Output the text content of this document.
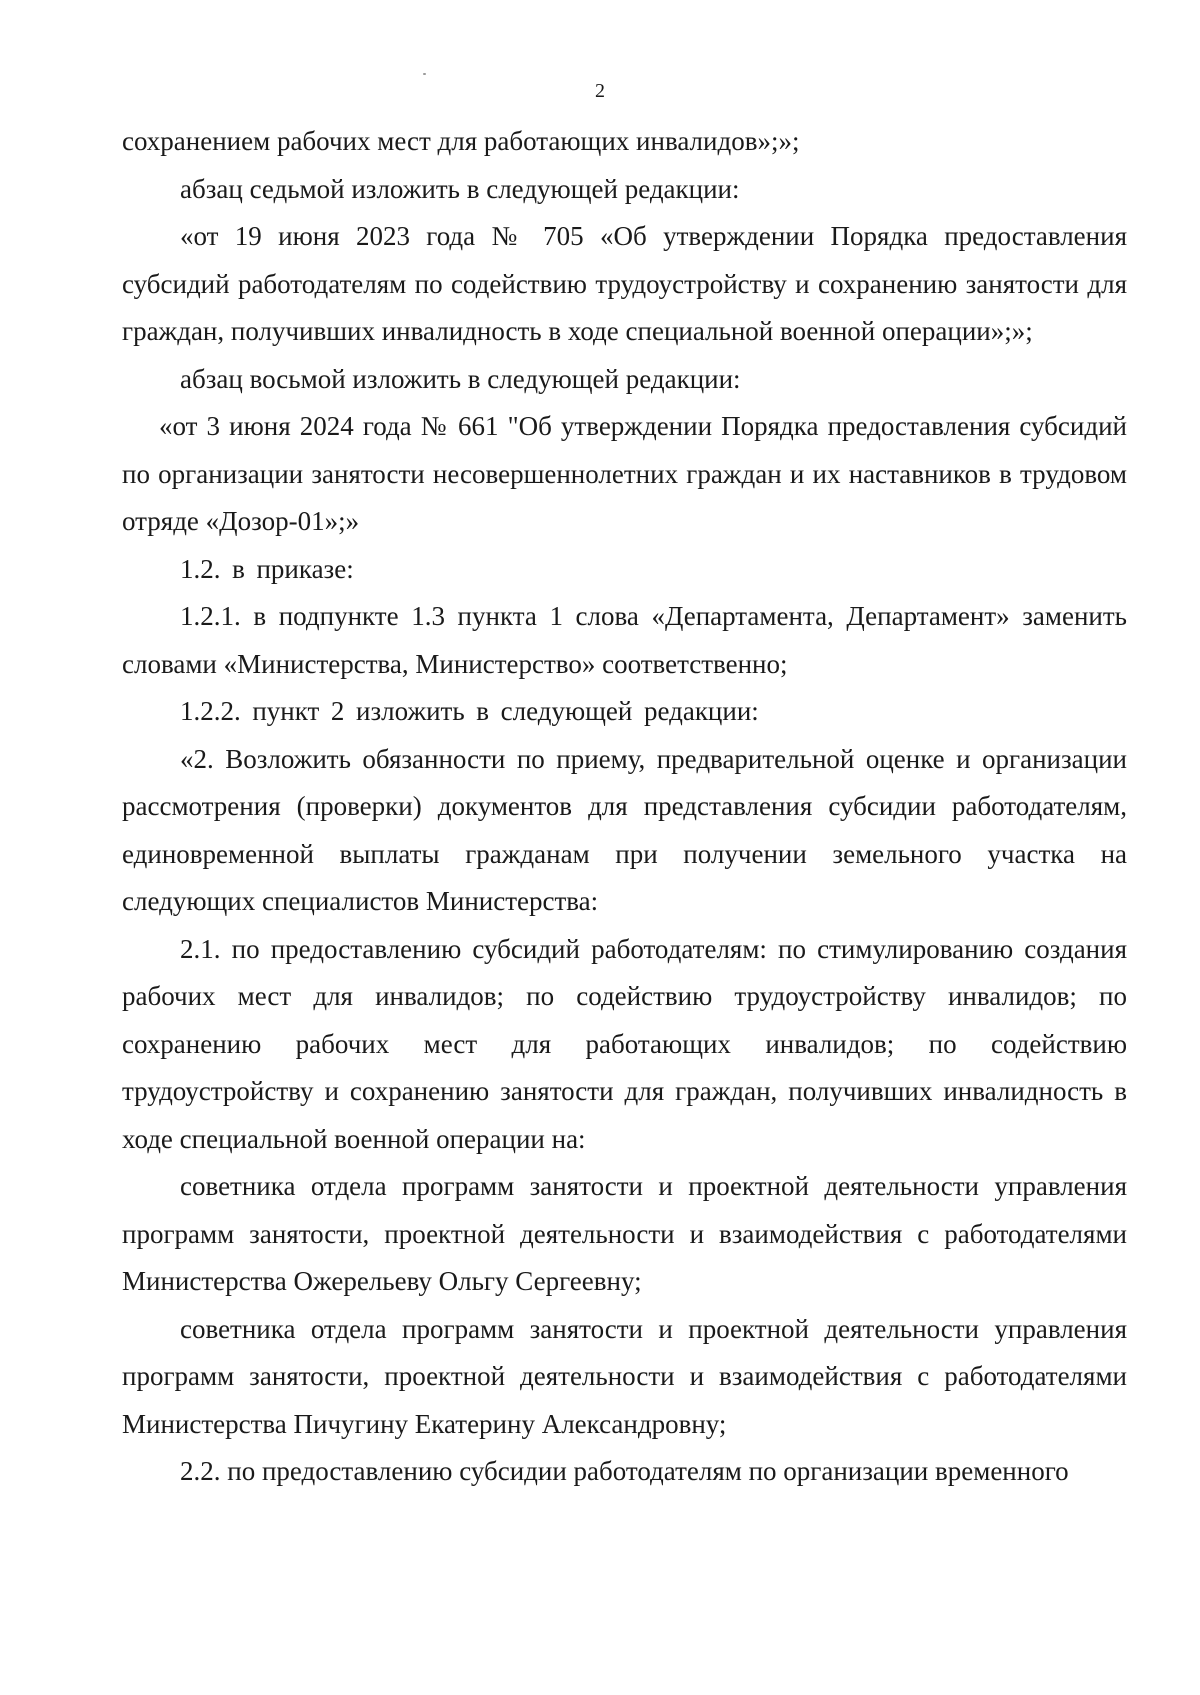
2

сохранением рабочих мест для работающих инвалидов»;»;

абзац седьмой изложить в следующей редакции:

«от 19 июня 2023 года № 705 «Об утверждении Порядка предоставления субсидий работодателям по содействию трудоустройству и сохранению занятости для граждан, получивших инвалидность в ходе специальной военной операции»;»;

абзац восьмой изложить в следующей редакции:

«от 3 июня 2024 года № 661 "Об утверждении Порядка предоставления субсидий по организации занятости несовершеннолетних граждан и их наставников в трудовом отряде «Дозор-01»;»

1.2. в приказе:

1.2.1. в подпункте 1.3 пункта 1 слова «Департамента, Департамент» заменить словами «Министерства, Министерство» соответственно;

1.2.2. пункт 2 изложить в следующей редакции:

«2. Возложить обязанности по приему, предварительной оценке и организации рассмотрения (проверки) документов для представления субсидии работодателям, единовременной выплаты гражданам при получении земельного участка на следующих специалистов Министерства:

2.1. по предоставлению субсидий работодателям: по стимулированию создания рабочих мест для инвалидов; по содействию трудоустройству инвалидов; по сохранению рабочих мест для работающих инвалидов; по содействию трудоустройству и сохранению занятости для граждан, получивших инвалидность в ходе специальной военной операции на:

советника отдела программ занятости и проектной деятельности управления программ занятости, проектной деятельности и взаимодействия с работодателями Министерства Ожерельеву Ольгу Сергеевну;

советника отдела программ занятости и проектной деятельности управления программ занятости, проектной деятельности и взаимодействия с работодателями Министерства Пичугину Екатерину Александровну;

2.2. по предоставлению субсидии работодателям по организации временного
